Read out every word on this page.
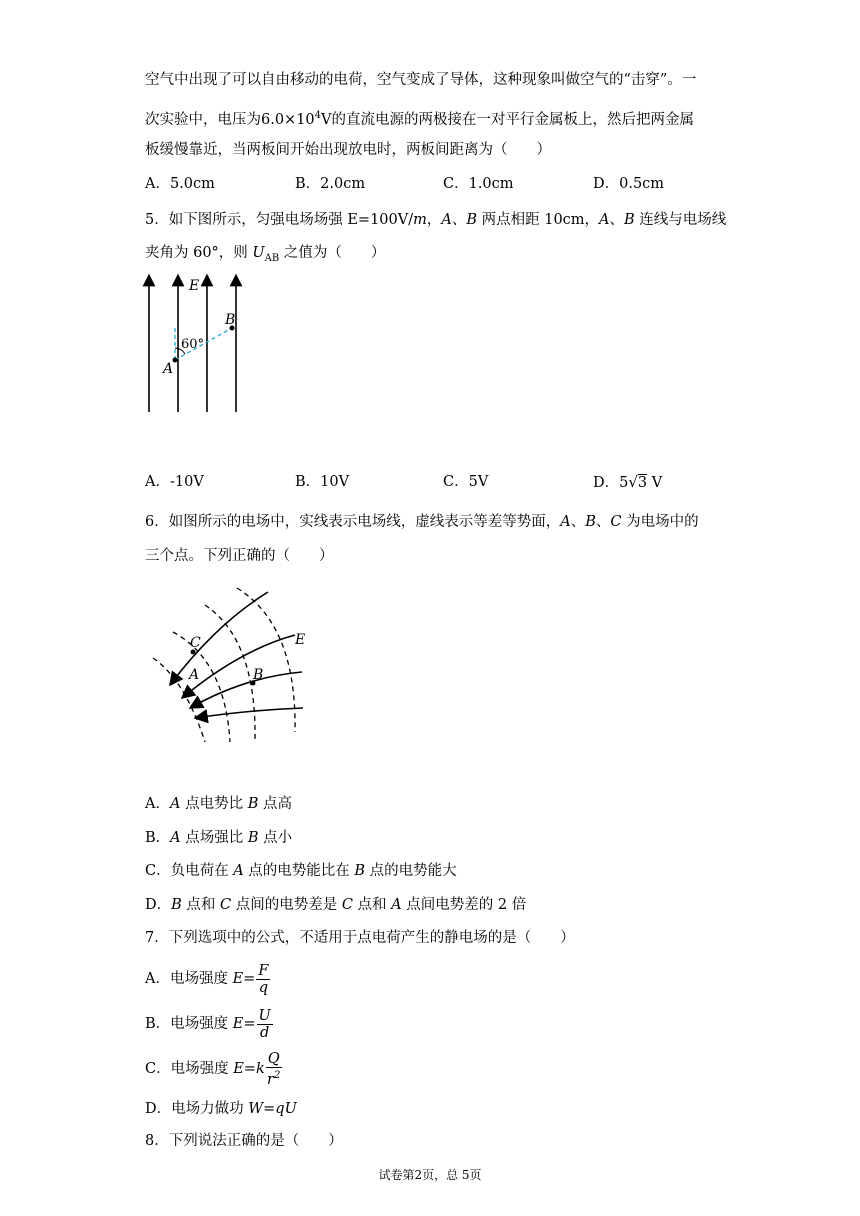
空气中出现了可以自由移动的电荷，空气变成了导体，这种现象叫做空气的“击穿”。一
次实验中，电压为$6.0\times 10^4V$的直流电源的两极接在一对平行金属板上，然后把两金属
板缓慢靠近，当两板间开始出现放电时，两板间距离为（　　）
A．5.0cm	B．2.0cm	C．1.0cm	D．0.5cm
5．如下图所示，匀强电场场强 E=100V/m，A、B 两点相距 10cm，A、B 连线与电场线
夹角为 60°，则 $U_{AB}$ 之值为（　　）
E
B
A
60°
A．-10V	B．10V	C．5V	D．5√3 V
6．如图所示的电场中，实线表示电场线，虚线表示等差等势面，A、B、C 为电场中的
三个点。下列正确的（　　）
C
A	B
E
A．A 点电势比 B 点高
B．A 点场强比 B 点小
C．负电荷在 A 点的电势能比在 B 点的电势能大
D．B 点和 C 点间的电势差是 C 点和 A 点间电势差的 2 倍
7．下列选项中的公式，不适用于点电荷产生的静电场的是（　　）
A．电场强度 $E= \frac{F}{q}$
B．电场强度 $E= \frac{U}{d}$
C．电场强度 $E=k \frac{Q}{r^2}$
D．电场力做功 W=qU
8．下列说法正确的是（　　）
试卷第2页，总 5页
